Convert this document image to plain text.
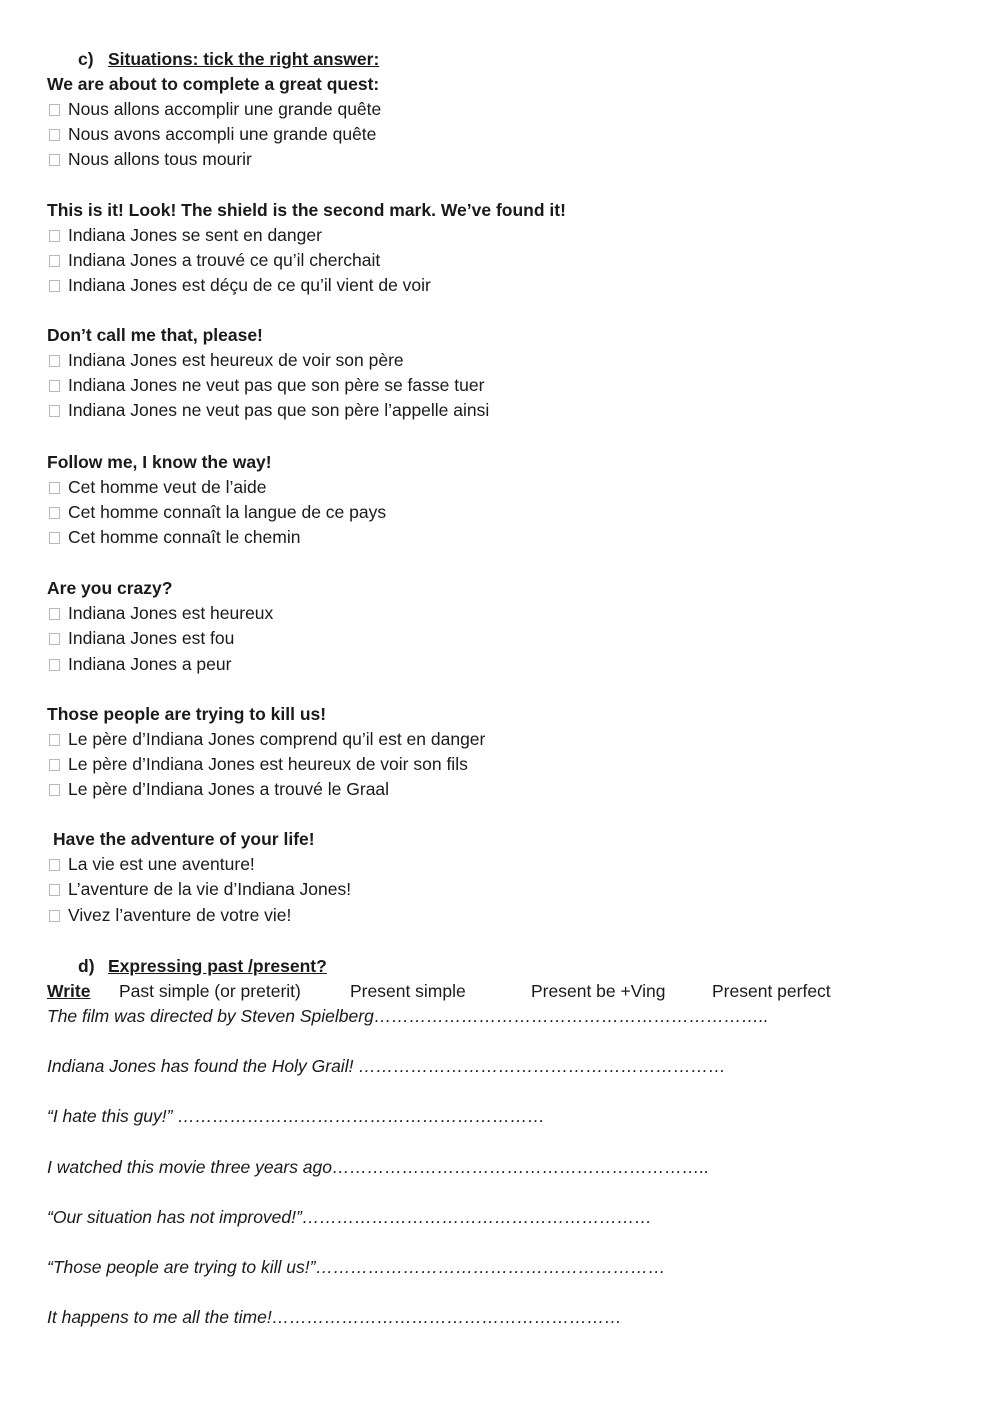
c) Situations: tick the right answer:
We are about to complete a great quest:
Nous allons accomplir une grande quête
Nous avons accompli une grande quête
Nous allons tous mourir
This is it! Look! The shield is the second mark. We’ve found it!
Indiana Jones se sent en danger
Indiana Jones a trouvé ce qu’il cherchait
Indiana Jones est déçu de ce qu’il vient de voir
Don’t call me that, please!
Indiana Jones est heureux de voir son père
Indiana Jones ne veut pas que son père se fasse tuer
Indiana Jones ne veut pas que son père l’appelle ainsi
Follow me, I know the way!
Cet homme veut de l’aide
Cet homme connaît la langue de ce pays
Cet homme connaît le chemin
Are you crazy?
Indiana Jones est heureux
Indiana Jones est fou
Indiana Jones a peur
Those people are trying to kill us!
Le père d’Indiana Jones comprend qu’il est en danger
Le père d’Indiana Jones est heureux de voir son fils
Le père d’Indiana Jones a trouvé le Graal
Have the adventure of your life!
La vie est une aventure!
L’aventure de la vie d’Indiana Jones!
Vivez l’aventure de votre vie!
d) Expressing past /present?
Write Past simple (or preterit)	Present simple	Present be +Ving	Present perfect
The film was directed by Steven Spielberg…………………………………………………………..
Indiana Jones has found the Holy Grail! ………………………………………………………
“I hate this guy!” ………………………………………………………
I watched this movie three years ago………………………………………………………..
“Our situation has not improved!”……………………………………………………
“Those people are trying to kill us!”……………………………………………………
It happens to me all the time!……………………………………………………
